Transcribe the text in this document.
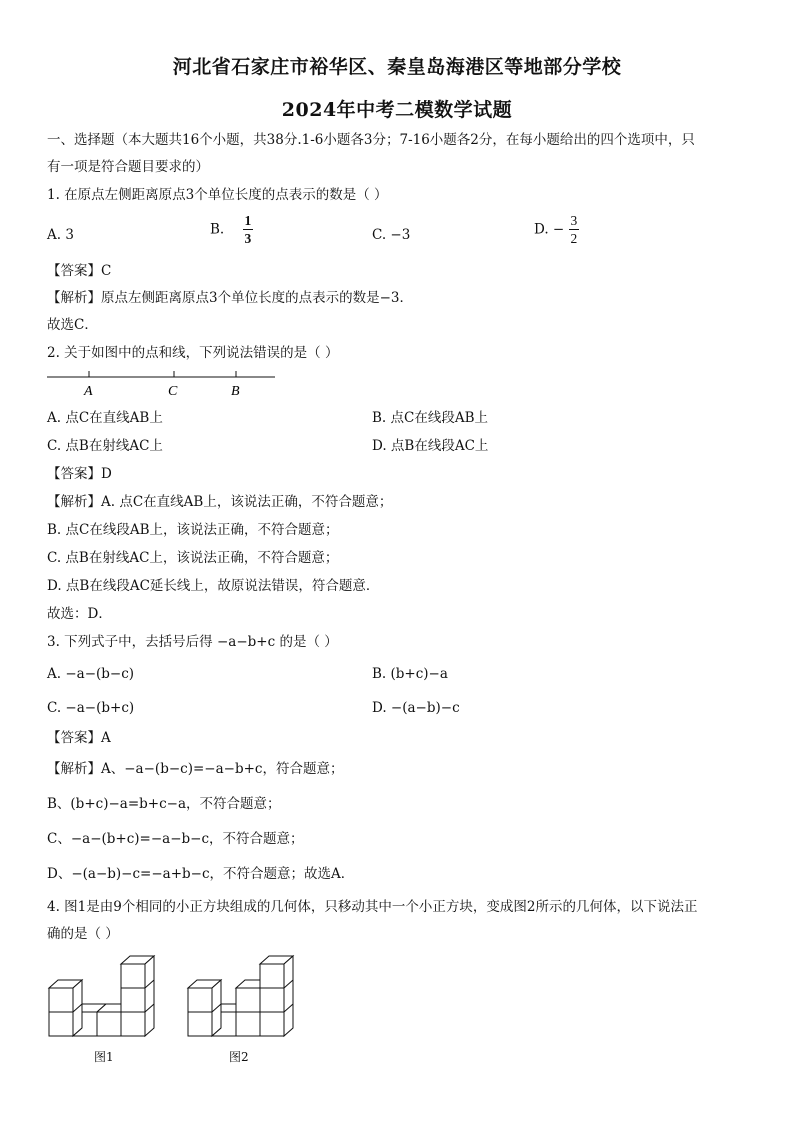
河北省石家庄市裕华区、秦皇岛海港区等地部分学校
2024年中考二模数学试题
一、选择题（本大题共16个小题，共38分.1-6小题各3分；7-16小题各2分，在每小题给出的四个选项中，只
有一项是符合题目要求的）
1. 在原点左侧距离原点3个单位长度的点表示的数是（ ）
A. 3	B. $\frac{1}{3}$	C. −3	D. − $\frac{3}{2}$
【答案】C
【解析】原点左侧距离原点3个单位长度的点表示的数是−3．
故选C．
2. 关于如图中的点和线，下列说法错误的是（ ）
A	C	B
A. 点C在直线AB上	B. 点C在线段AB上
C. 点B在射线AC上	D. 点B在线段AC上
【答案】D
【解析】A. 点C在直线AB上，该说法正确，不符合题意；
B. 点C在线段AB上，该说法正确，不符合题意；
C. 点B在射线AC上，该说法正确，不符合题意；
D. 点B在线段AC延长线上，故原说法错误，符合题意．
故选：D．
3. 下列式子中，去括号后得 −a−b+c 的是（ ）
A. −a−(b−c)	B. (b+c)−a
C. −a−(b+c)	D. −(a−b)−c
【答案】A
【解析】A、−a−(b−c)=−a−b+c，符合题意；
B、(b+c)−a=b+c−a，不符合题意；
C、−a−(b+c)=−a−b−c，不符合题意；
D、−(a−b)−c=−a+b−c，不符合题意；故选A．
4. 图1是由9个相同的小正方块组成的几何体，只移动其中一个小正方块，变成图2所示的几何体，以下说法正
确的是（ ）
图1	图2
